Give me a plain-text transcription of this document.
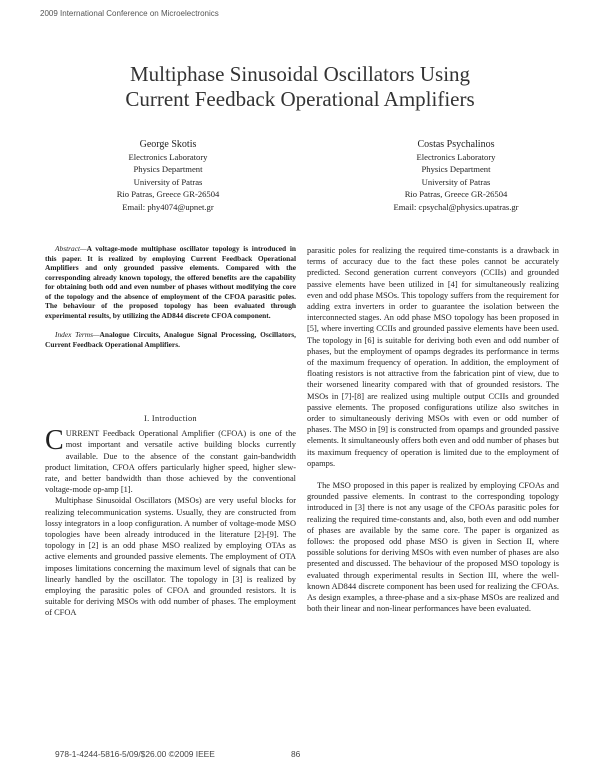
2009 International Conference on Microelectronics
Multiphase Sinusoidal Oscillators Using
Current Feedback Operational Amplifiers
George Skotis
Electronics Laboratory
Physics Department
University of Patras
Rio Patras, Greece GR-26504
Email: phy4074@upnet.gr
Costas Psychalinos
Electronics Laboratory
Physics Department
University of Patras
Rio Patras, Greece GR-26504
Email: cpsychal@physics.upatras.gr

Abstract—A voltage-mode multiphase oscillator topology is introduced in this paper. It is realized by employing Current Feedback Operational Amplifiers and only grounded passive elements. Compared with the corresponding already known topology, the offered benefits are the capability for obtaining both odd and even number of phases without modifying the core of the topology and the absence of employment of the CFOA parasitic poles. The behaviour of the proposed topology has been evaluated through experimental results, by utilizing the AD844 discrete CFOA component.

Index Terms—Analogue Circuits, Analogue Signal Processing, Oscillators, Current Feedback Operational Amplifiers.

I. Introduction

CURRENT Feedback Operational Amplifier (CFOA) is one of the most important and versatile active building blocks currently available. Due to the absence of the constant gain-bandwidth product limitation, CFOA offers particularly higher speed, higher slew-rate, and better bandwidth than those achieved by the conventional voltage-mode op-amp [1].

Multiphase Sinusoidal Oscillators (MSOs) are very useful blocks for realizing telecommunication systems. Usually, they are constructed from lossy integrators in a loop configuration. A number of voltage-mode MSO topologies have been already introduced in the literature [2]-[9]. The topology in [2] is an odd phase MSO realized by employing OTAs as active elements and grounded passive elements. The employment of OTA imposes limitations concerning the maximum level of signals that can be linearly handled by the oscillator. The topology in [3] is realized by employing the parasitic poles of CFOA and grounded resistors. It is suitable for deriving MSOs with odd number of phases. The employment of CFOA

parasitic poles for realizing the required time-constants is a drawback in terms of accuracy due to the fact these poles cannot be accurately predicted. Second generation current conveyors (CCIIs) and grounded passive elements have been utilized in [4] for simultaneously realizing even and odd phase MSOs. This topology suffers from the requirement for adding extra inverters in order to guarantee the isolation between the interconnected stages. An odd phase MSO topology has been proposed in [5], where inverting CCIIs and grounded passive elements have been used. The topology in [6] is suitable for deriving both even and odd number of phases, but the employment of opamps degrades its performance in terms of the maximum frequency of operation. In addition, the employment of floating resistors is not attractive from the fabrication pint of view, due to their worsened linearity compared with that of grounded resistors. The MSOs in [7]-[8] are realized using multiple output CCIIs and grounded passive elements. The proposed configurations utilize also switches in order to simultaneously deriving MSOs with even or odd number of phases. The MSO in [9] is constructed from opamps and grounded passive elements. It simultaneously offers both even and odd number of phases but its maximum frequency of operation is limited due to the employment of opamps.

The MSO proposed in this paper is realized by employing CFOAs and grounded passive elements. In contrast to the corresponding topology introduced in [3] there is not any usage of the CFOAs parasitic poles for realizing the required time-constants and, also, both even and odd number of phases are available by the same core. The paper is organized as follows: the proposed odd phase MSO is given in Section II, where possible solutions for deriving MSOs with even number of phases are also presented and discussed. The behaviour of the proposed MSO topology is evaluated through experimental results in Section III, where the well-known AD844 discrete component has been used for realizing the CFOAs. As design examples, a three-phase and a six-phase MSOs are realized and both their linear and non-linear performances have been evaluated.

978-1-4244-5816-5/09/$26.00 ©2009 IEEE	86
